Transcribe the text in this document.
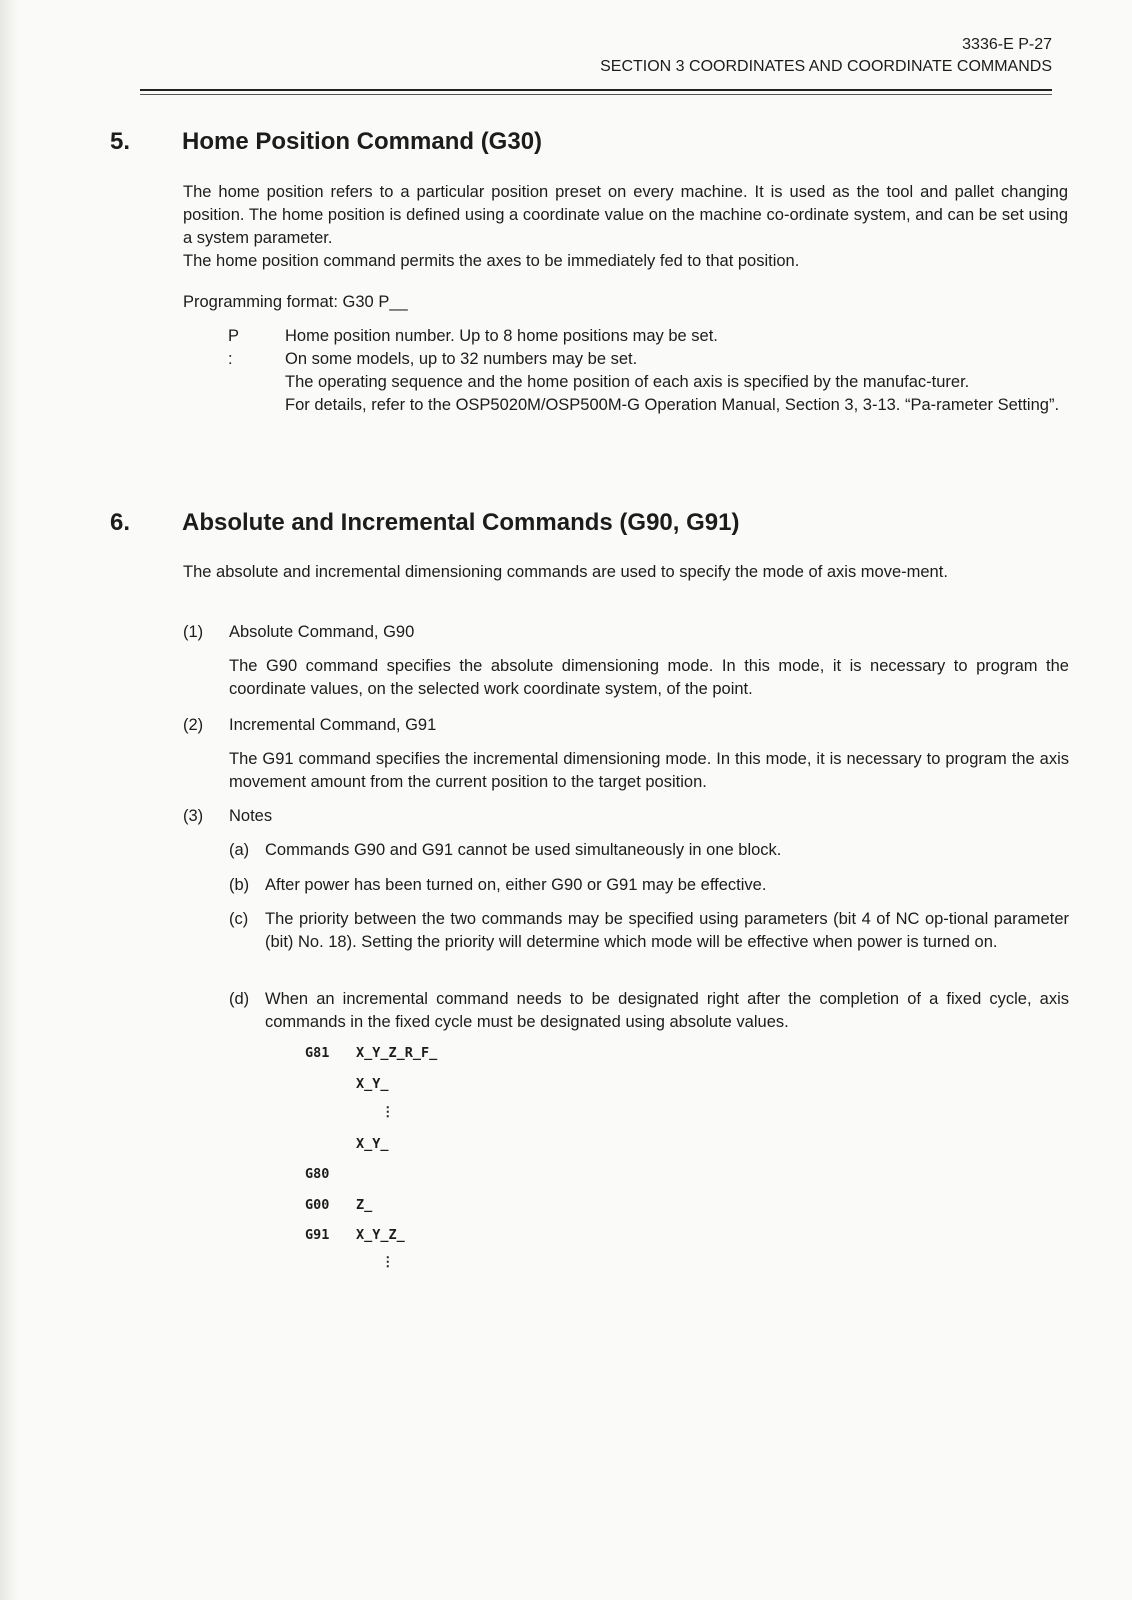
3336-E P-27
SECTION 3 COORDINATES AND COORDINATE COMMANDS
5. Home Position Command (G30)

The home position refers to a particular position preset on every machine. It is used as the tool and pallet changing position. The home position is defined using a coordinate value on the machine co-ordinate system, and can be set using a system parameter.

The home position command permits the axes to be immediately fed to that position.

Programming format: G30 P__

P :

Home position number. Up to 8 home positions may be set.

On some models, up to 32 numbers may be set.

The operating sequence and the home position of each axis is specified by the manufac-turer.

For details, refer to the OSP5020M/OSP500M-G Operation Manual, Section 3, 3-13. “Pa-rameter Setting”.

6. Absolute and Incremental Commands (G90, G91)

The absolute and incremental dimensioning commands are used to specify the mode of axis move-ment.

(1) Absolute Command, G90
The G90 command specifies the absolute dimensioning mode. In this mode, it is necessary to program the coordinate values, on the selected work coordinate system, of the point.
(2) Incremental Command, G91
The G91 command specifies the incremental dimensioning mode. In this mode, it is necessary to program the axis movement amount from the current position to the target position.
(3) Notes
(a) Commands G90 and G91 cannot be used simultaneously in one block.
(b) After power has been turned on, either G90 or G91 may be effective.
(c) The priority between the two commands may be specified using parameters (bit 4 of NC op-tional parameter (bit) No. 18). Setting the priority will determine which mode will be effective when power is turned on.
(d) When an incremental command needs to be designated right after the completion of a fixed cycle, axis commands in the fixed cycle must be designated using absolute values.
G81 X_Y_Z_R_F_
X_Y_
⋮
X_Y_
G80
G00 Z_
G91 X_Y_Z_
⋮
